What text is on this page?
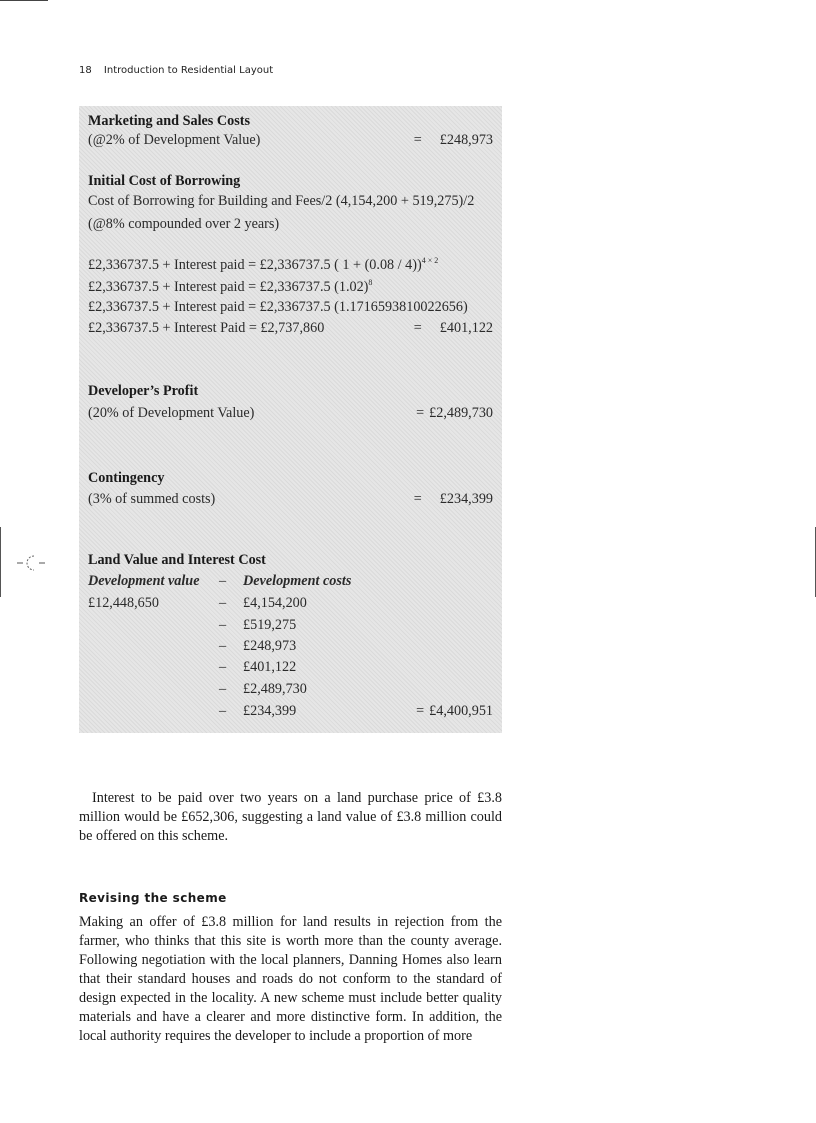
18 Introduction to Residential Layout
Marketing and Sales Costs
(@2% of Development Value)	= £248,973
Initial Cost of Borrowing
Cost of Borrowing for Building and Fees/2 (4,154,200 + 519,275)/2
(@8% compounded over 2 years)
£2,336737.5 + Interest paid = £2,336737.5 ( 1 + (0.08 / 4))$^{4 \times 2}$
£2,336737.5 + Interest paid = £2,336737.5 $(1.02)^8$
£2,336737.5 + Interest paid = £2,336737.5 (1.1716593810022656)
£2,336737.5 + Interest Paid = £2,737,860	= £401,122
Developer’s Profit
(20% of Development Value)	= £2,489,730
Contingency
(3% of summed costs)	= £234,399
Land Value and Interest Cost
Development value – Development costs
£12,448,650	– £4,154,200
– £519,275
– £248,973
– £401,122
– £2,489,730
– £234,399	= £4,400,951

Interest to be paid over two years on a land purchase price of £3.8 million would be £652,306, suggesting a land value of £3.8 million could be offered on this scheme.

Revising the scheme

Making an offer of £3.8 million for land results in rejection from the farmer, who thinks that this site is worth more than the county average. Following negotiation with the local planners, Danning Homes also learn that their standard houses and roads do not conform to the standard of design expected in the locality. A new scheme must include better quality materials and have a clearer and more distinctive form. In addition, the local authority requires the developer to include a proportion of more
